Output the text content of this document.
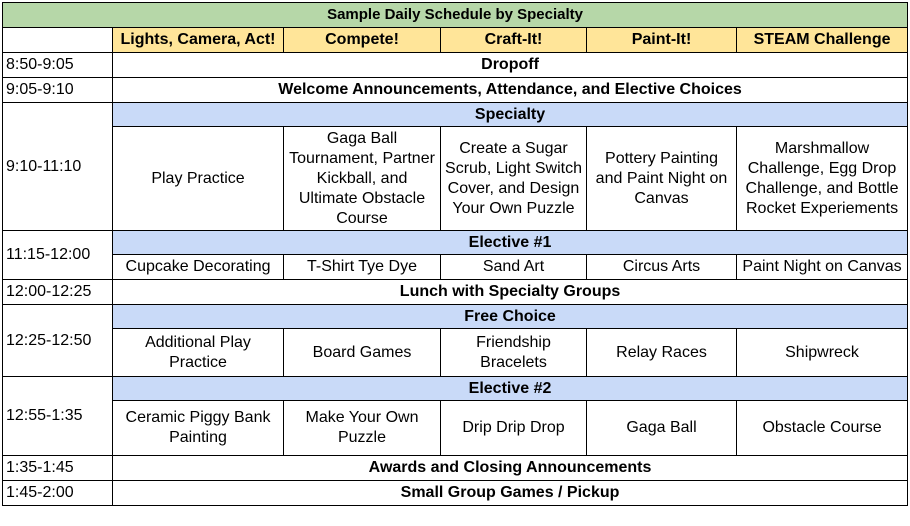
Sample Daily Schedule by Specialty					
	Lights, Camera, Act!	Compete!	Craft-It!	Paint-It!	STEAM Challenge
8:50-9:05	Dropoff				
9:05-9:10	Welcome Announcements, Attendance, and Elective Choices				
9:10-11:10	Specialty				
	Play Practice	Gaga Ball Tournament, Partner Kickball, and Ultimate Obstacle Course	Create a Sugar Scrub, Light Switch Cover, and Design Your Own Puzzle	Pottery Painting and Paint Night on Canvas	Marshmallow Challenge, Egg Drop Challenge, and Bottle Rocket Experiements
11:15-12:00	Elective #1				
	Cupcake Decorating	T-Shirt Tye Dye	Sand Art	Circus Arts	Paint Night on Canvas
12:00-12:25	Lunch with Specialty Groups				
12:25-12:50	Free Choice				
	Additional Play Practice	Board Games	Friendship Bracelets	Relay Races	Shipwreck
12:55-1:35	Elective #2				
	Ceramic Piggy Bank Painting	Make Your Own Puzzle	Drip Drip Drop	Gaga Ball	Obstacle Course
1:35-1:45	Awards and Closing Announcements				
1:45-2:00	Small Group Games / Pickup				
